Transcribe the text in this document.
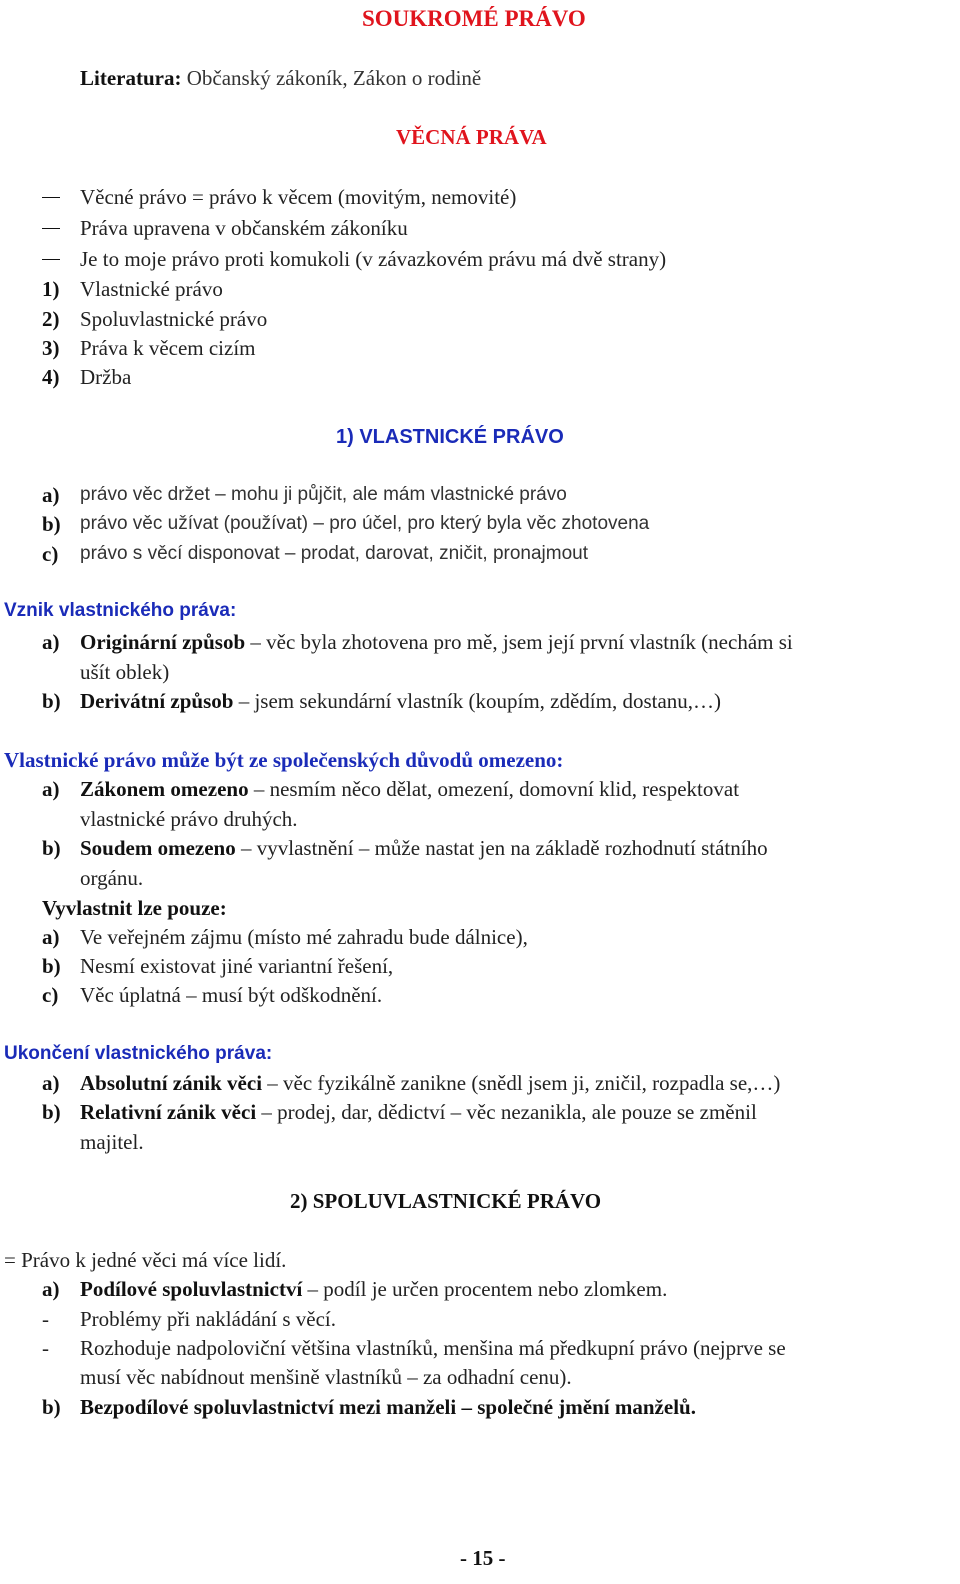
SOUKROMÉ PRÁVO
Literatura: Občanský zákoník, Zákon o rodině
VĚCNÁ PRÁVA
Věcné právo = právo k věcem (movitým, nemovité)
Práva upravena v občanském zákoníku
Je to moje právo proti komukoli (v závazkovém právu má dvě strany)
1) Vlastnické právo
2) Spoluvlastnické právo
3) Práva k věcem cizím
4) Držba
1) VLASTNICKÉ PRÁVO
a) právo věc držet – mohu ji půjčit, ale mám vlastnické právo
b) právo věc užívat (používat) – pro účel, pro který byla věc zhotovena
c) právo s věcí disponovat – prodat, darovat, zničit, pronajmout
Vznik vlastnického práva:
a) Originární způsob – věc byla zhotovena pro mě, jsem její první vlastník (nechám si
ušít oblek)
b) Derivátní způsob – jsem sekundární vlastník (koupím, zdědím, dostanu,…)
Vlastnické právo může být ze společenských důvodů omezeno:
a) Zákonem omezeno – nesmím něco dělat, omezení, domovní klid, respektovat
vlastnické právo druhých.
b) Soudem omezeno – vyvlastnění – může nastat jen na základě rozhodnutí státního
orgánu.
Vyvlastnit lze pouze:
a) Ve veřejném zájmu (místo mé zahradu bude dálnice),
b) Nesmí existovat jiné variantní řešení,
c) Věc úplatná – musí být odškodnění.
Ukončení vlastnického práva:
a) Absolutní zánik věci – věc fyzikálně zanikne (snědl jsem ji, zničil, rozpadla se,…)
b) Relativní zánik věci – prodej, dar, dědictví – věc nezanikla, ale pouze se změnil
majitel.
2) SPOLUVLASTNICKÉ PRÁVO
= Právo k jedné věci má více lidí.
a) Podílové spoluvlastnictví – podíl je určen procentem nebo zlomkem.
- Problémy při nakládání s věcí.
- Rozhoduje nadpoloviční většina vlastníků, menšina má předkupní právo (nejprve se
musí věc nabídnout menšině vlastníků – za odhadní cenu).
b) Bezpodílové spoluvlastnictví mezi manželi – společné jmění manželů.
- 15 -
